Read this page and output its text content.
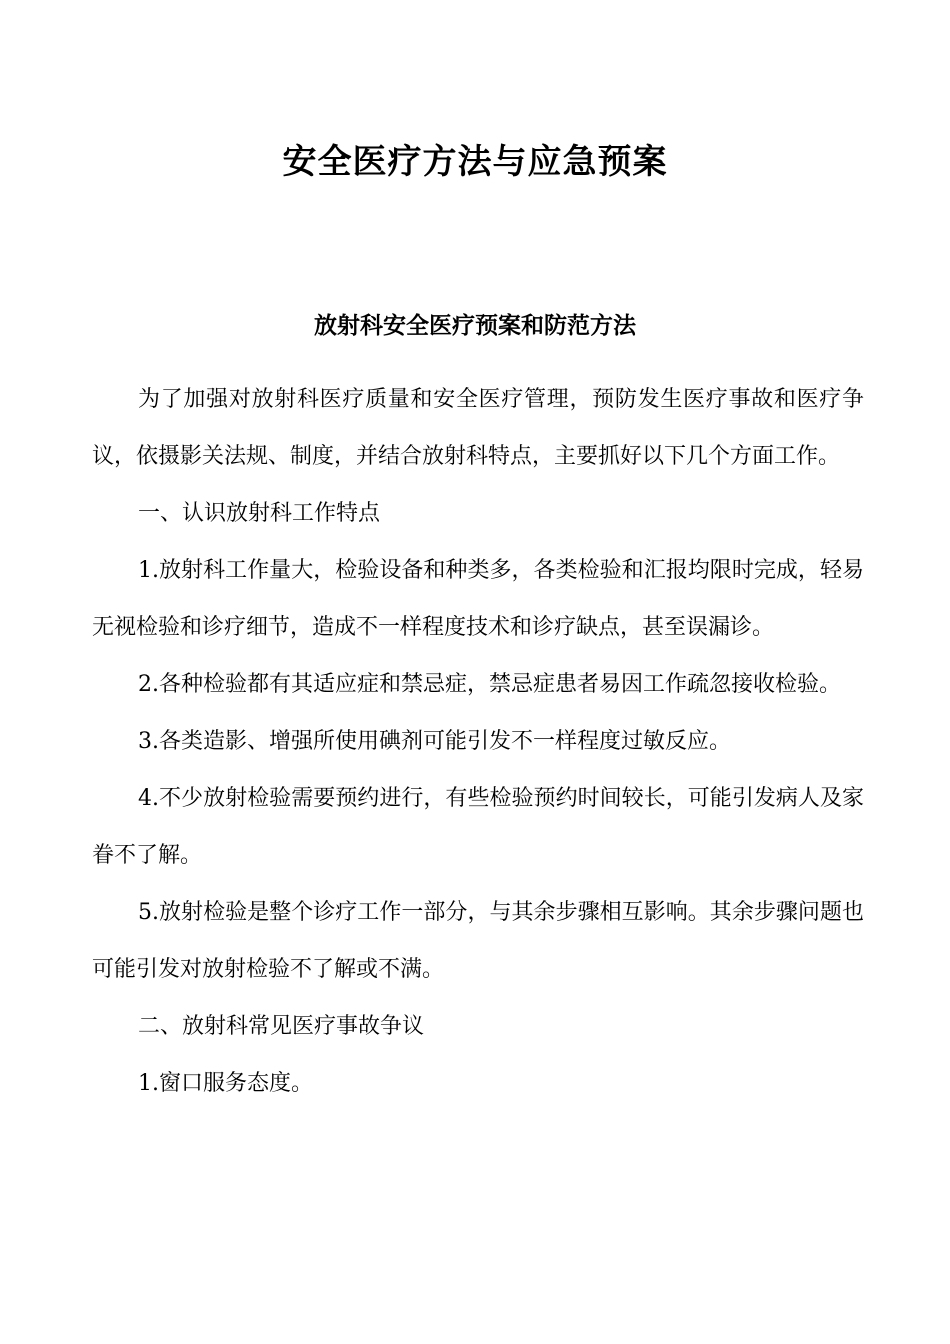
安全医疗方法与应急预案
放射科安全医疗预案和防范方法

为了加强对放射科医疗质量和安全医疗管理，预防发生医疗事故和医疗争议，依摄影关法规、制度，并结合放射科特点，主要抓好以下几个方面工作。

一、认识放射科工作特点

1.放射科工作量大，检验设备和种类多，各类检验和汇报均限时完成，轻易无视检验和诊疗细节，造成不一样程度技术和诊疗缺点，甚至误漏诊。

2.各种检验都有其适应症和禁忌症，禁忌症患者易因工作疏忽接收检验。

3.各类造影、增强所使用碘剂可能引发不一样程度过敏反应。

4.不少放射检验需要预约进行，有些检验预约时间较长，可能引发病人及家眷不了解。

5.放射检验是整个诊疗工作一部分，与其余步骤相互影响。其余步骤问题也可能引发对放射检验不了解或不满。

二、放射科常见医疗事故争议

1.窗口服务态度。
